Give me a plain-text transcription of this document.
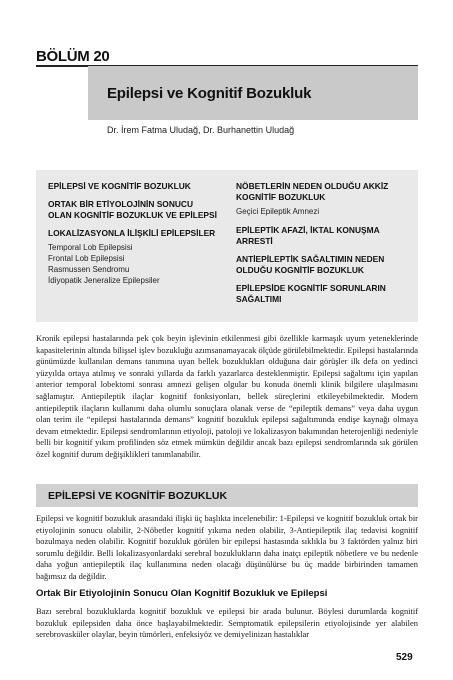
BÖLÜM 20
Epilepsi ve Kognitif Bozukluk
Dr. İrem Fatma Uludağ, Dr. Burhanettin Uludağ
EPİLEPSİ VE KOGNİTİF BOZUKLUK
ORTAK BİR ETİYOLOJİNİN SONUCU OLAN KOGNİTİF BOZUKLUK VE EPİLEPSİ
LOKALİZASYONLA İLİŞKİLİ EPİLEPSİLER
Temporal Lob Epilepsisi
Frontal Lob Epilepsisi
Rasmussen Sendromu
İdiyopatik Jeneralize Epilepsiler
NÖBETLERİN NEDEN OLDUĞU AKKİZ KOGNİTİF BOZUKLUK
Geçici Epileptik Amnezi
EPİLEPTİK AFAZİ, İKTAL KONUŞMA ARRESTİ
ANTİEPİLEPTİK SAĞALTIMIN NEDEN OLDUĞU KOGNİTİF BOZUKLUK
EPİLEPSİDE KOGNİTİF SORUNLARIN SAĞALTIMI
Kronik epilepsi hastalarında pek çok beyin işlevinin etkilenmesi gibi özellikle karmaşık uyum yeteneklerinde kapasitelerinin altında bilişsel işlev bozukluğu azımsanamayacak ölçüde görülebilmektedir. Epilepsi hastalarında günümüzde kullanılan demans tanımına uyan bellek bozuklukları olduğuna dair görüşler ilk defa on yedinci yüzyılda ortaya atılmış ve sonraki yıllarda da farklı yazarlarca desteklenmiştir. Epilepsi sağaltımı için yapılan anterior temporal lobektomi sonrası amnezi gelişen olgular bu konuda önemli klinik bilgilere ulaşılmasını sağlamıştır. Antiepileptik ilaçlar kognitif fonksiyonları, bellek süreçlerini etkileyebilmektedir. Modern antiepileptik ilaçların kullanımı daha olumlu sonuçlara olanak verse de “epileptik demans” veya daha uygun olan terim ile “epilepsi hastalarında demans” kognitif bozukluk epilepsi sağaltımında endişe kaynağı olmaya devam etmektedir. Epilepsi sendromlarının etiyoloji, patoloji ve lokalizasyon bakımından heterojenliği nedeniyle belli bir kognitif yıkım profilinden söz etmek mümkün değildir ancak bazı epilepsi sendromlarında sık görülen özel kognitif durum değişiklikleri tanımlanabilir.
EPİLEPSİ VE KOGNİTİF BOZUKLUK
Epilepsi ve kognitif bozukluk arasındaki ilişki üç başlıkta incelenebilir: 1-Epilepsi ve kognitif bozukluk ortak bir etiyolojinin sonucu olabilir, 2-Nöbetler kognitif yıkıma neden olabilir, 3-Antiepileptik ilaç tedavisi kognitif bozulmaya neden olabilir. Kognitif bozukluk görülen bir epilepsi hastasında sıklıkla bu 3 faktörden yalnız biri sorumlu değildir. Belli lokalizasyonlardaki serebral bozuklukların daha inatçı epileptik nöbetlere ve bu nedenle daha yoğun antiepileptik ilaç kullanımına neden olacağı düşünülürse bu üç madde birbirinden tamamen bağımsız da değildir.
Ortak Bir Etiyolojinin Sonucu Olan Kognitif Bozukluk ve Epilepsi
Bazı serebral bozukluklarda kognitif bozukluk ve epilepsi bir arada bulunur. Böylesi durumlarda kognitif bozukluk epilepsiden daha önce başlayabilmektedir. Semptomatik epilepsilerin etiyolojisinde yer alabilen serebrovasküler olaylar, beyin tümörleri, enfeksiyöz ve demiyelinizan hastalıklar
529
